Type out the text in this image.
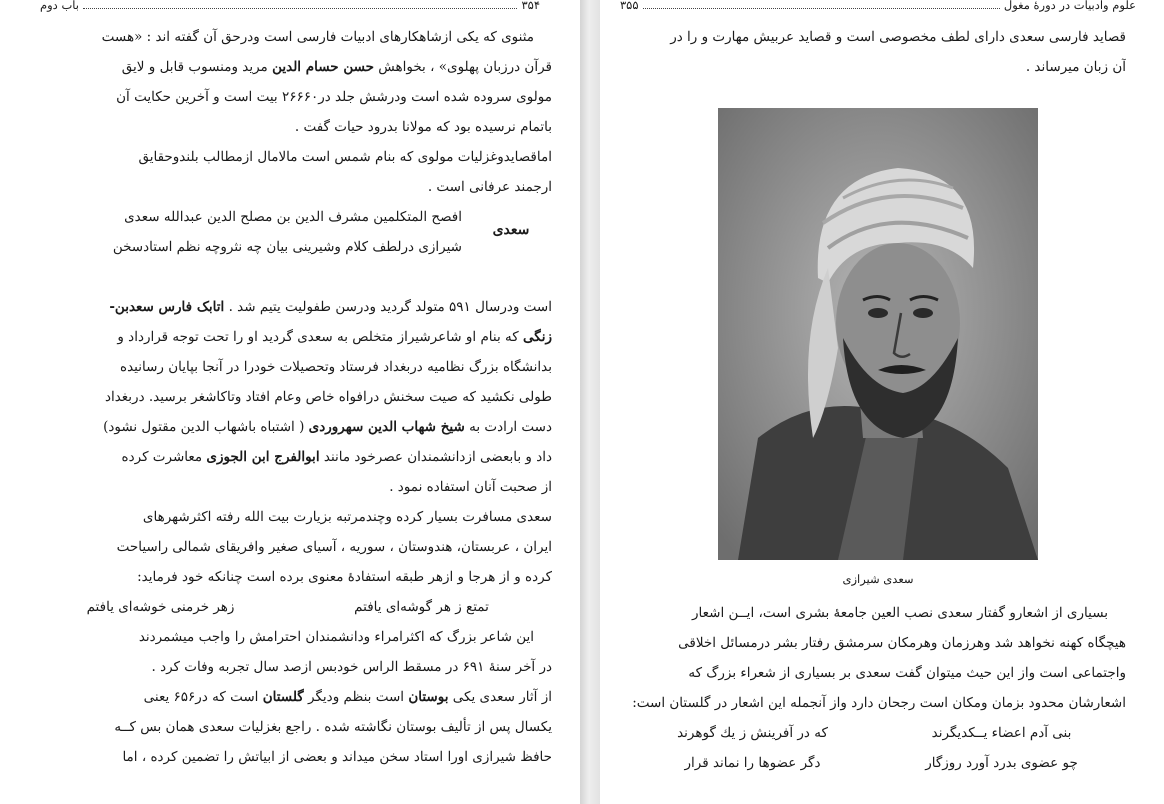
۳۵۴
باب دوم
مثنوی که یکی ازشاهکارهای ادبیات فارسی است ودرحق آن گفته اند : «هست
قرآن درزبان پهلوی» ، بخواهش حسن حسام الدین مرید ومنسوب قابل و لایق
مولوی سروده شده است ودرشش جلد در۲۶۶۶۰ بیت است و آخرین حکایت آن
باتمام نرسیده بود که مولانا بدرود حیات گفت .
اماقصایدوغزلیات مولوی که بنام شمس است مالامال ازمطالب بلندوحقایق
ارجمند عرفانی است .
سعدی
افصح المتکلمین مشرف الدین بن مصلح الدین عبدالله سعدی
شیرازی درلطف کلام وشیرینی بیان چه نثروچه نظم استادسخن
است ودرسال ۵۹۱ متولد گردید ودرسن طفولیت یتیم شد . اتابک فارس سعدبن-
زنگی که بنام او شاعرشیراز متخلص به سعدی گردید او را تحت توجه قرارداد و
بدانشگاه بزرگ نظامیه دربغداد فرستاد وتحصیلات خودرا در آنجا بپایان رسانیده
طولی نکشید که صیت سخنش درافواه خاص وعام افتاد وتاکاشغر برسید. دربغداد
دست ارادت به شیخ شهاب الدین سهروردی ( اشتباه باشهاب الدین مقتول نشود)
داد و بابعضی ازدانشمندان عصرخود مانند ابوالفرج ابن الجوزی معاشرت کرده
از صحبت آنان استفاده نمود .
سعدی مسافرت بسیار کرده وچندمرتبه بزیارت بیت الله رفته اکثرشهرهای
ایران ، عربستان، هندوستان ، سوریه ، آسیای صغیر وافریقای شمالی راسیاحت
کرده و از هرجا و ازهر طبقه استفادهٔ معنوی برده است چنانکه خود فرماید:
تمتع ز هر گوشه‌ای یافتم
زهر خرمنی خوشه‌ای یافتم
این شاعر بزرگ که اکثرامراء ودانشمندان احترامش را واجب میشمردند
در آخر سنهٔ ۶۹۱ در مسقط الراس خودبس ازصد سال تجربه وفات کرد .
از آثار سعدی یکی بوستان است بنظم ودیگر گلستان است که در۶۵۶ یعنی
یکسال پس از تألیف بوستان نگاشته شده . راجع بغزلیات سعدی همان بس کــه
حافظ شیرازی اورا استاد سخن میداند و بعضی از ابیاتش را تضمین کرده ، اما
علوم وادبیات در دورهٔ مغول
۳۵۵
قصاید فارسی سعدی دارای لطف مخصوصی است و قصاید عربیش مهارت و را در
آن زبان میرساند .
سعدی شیرازی
بسیاری از اشعارو گفتار سعدی نصب العین جامعهٔ بشری است، ایــن اشعار
هیچگاه کهنه نخواهد شد وهرزمان وهرمکان سرمشق رفتار بشر درمسائل اخلاقی
واجتماعی است واز این حیث میتوان گفت سعدی بر بسیاری از شعراء بزرگ که
اشعارشان محدود بزمان ومکان است رجحان دارد واز آنجمله این اشعار در گلستان است:
بنی آدم اعضاء یــکدیگرند
که در آفرینش ز یك گوهرند
چو عضوی بدرد آورد روزگار
دگر عضوها را نماند قرار
